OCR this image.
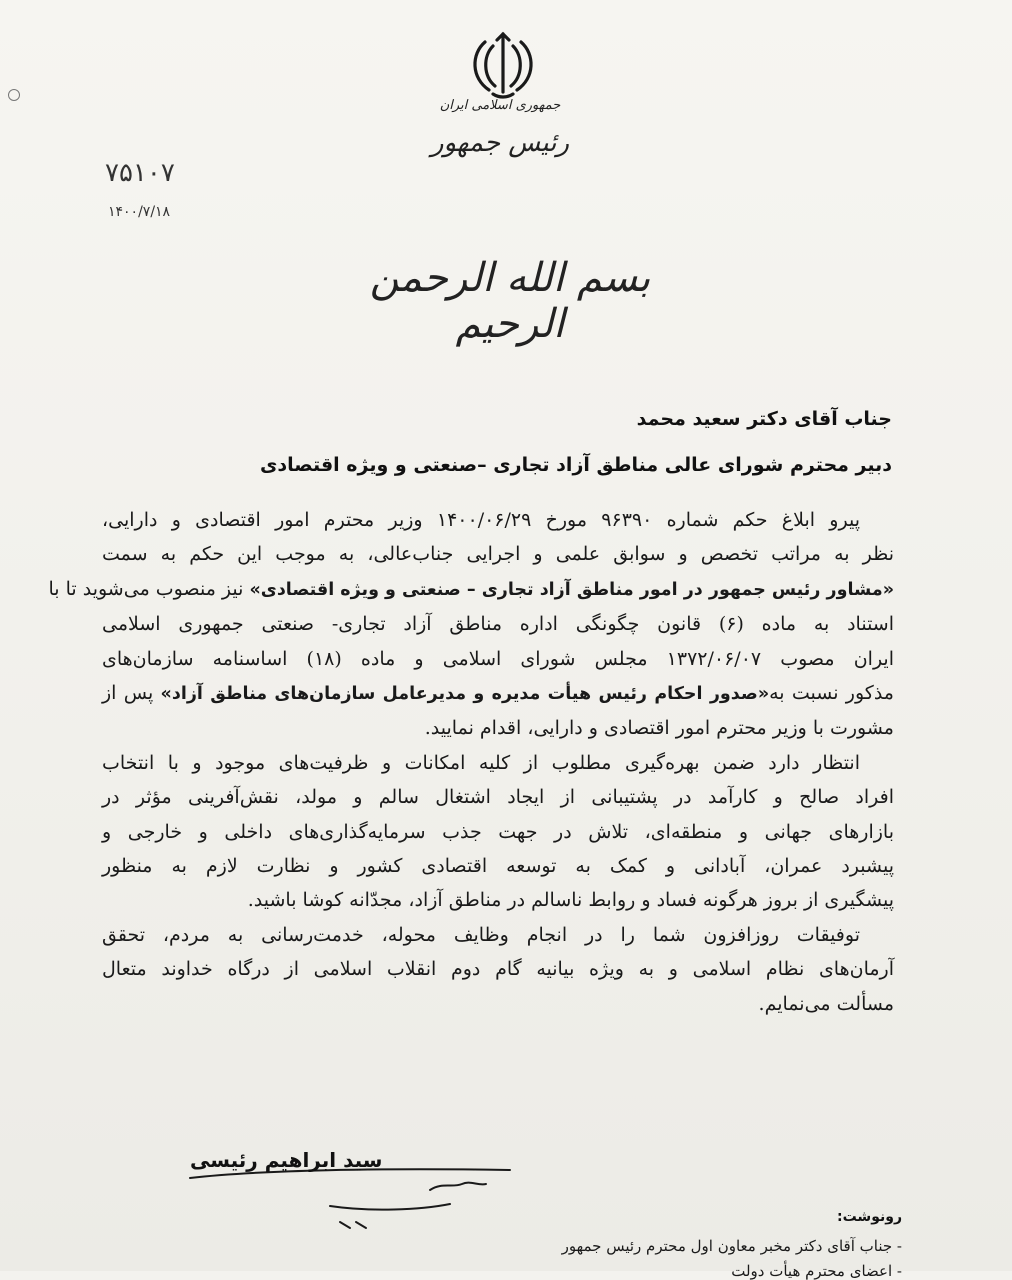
جمهوری اسلامی ایران
رئیس جمهور
۷۵۱۰۷
۱۴۰۰/۷/۱۸
بسم الله الرحمن الرحیم
جناب آقای دکتر سعید محمد
دبیر محترم شورای عالی مناطق آزاد تجاری –صنعتی و ویژه اقتصادی
پیرو ابلاغ حکم شماره ۹۶۳۹۰ مورخ ۱۴۰۰/۰۶/۲۹ وزیر محترم امور اقتصادی و دارایی،
نظر به مراتب تخصص و سوابق علمی و اجرایی جناب‌عالی، به موجب این حکم به سمت
«مشاور رئیس جمهور در امور مناطق آزاد تجاری – صنعتی و ویژه اقتصادی» نیز منصوب می‌شوید تا با
استناد به ماده (۶) قانون چگونگی اداره مناطق آزاد تجاری- صنعتی جمهوری اسلامی
ایران مصوب ۱۳۷۲/۰۶/۰۷ مجلس شورای اسلامی و ماده (۱۸) اساسنامه سازمان‌های
مذکور نسبت به«صدور احکام رئیس هیأت مدیره و مدیرعامل سازمان‌های مناطق آزاد» پس از
مشورت با وزیر محترم امور اقتصادی و دارایی، اقدام نمایید.
انتظار دارد ضمن بهره‌گیری مطلوب از کلیه امکانات و ظرفیت‌های موجود و با انتخاب
افراد صالح و کارآمد در پشتیبانی از ایجاد اشتغال سالم و مولد، نقش‌آفرینی مؤثر در
بازارهای جهانی و منطقه‌ای، تلاش در جهت جذب سرمایه‌گذاری‌های داخلی و خارجی و
پیشبرد عمران، آبادانی و کمک به توسعه اقتصادی کشور و نظارت لازم به منظور
پیشگیری از بروز هرگونه فساد و روابط ناسالم در مناطق آزاد، مجدّانه کوشا باشید.
توفیقات روزافزون شما را در انجام وظایف محوله، خدمت‌رسانی به مردم، تحقق
آرمان‌های نظام اسلامی و به ویژه بیانیه گام دوم انقلاب اسلامی از درگاه خداوند متعال
مسألت می‌نمایم.
سید ابراهیم رئیسی
رونوشت:
- جناب آقای دکتر مخبر معاون اول محترم رئیس جمهور
- اعضای محترم هیأت دولت
